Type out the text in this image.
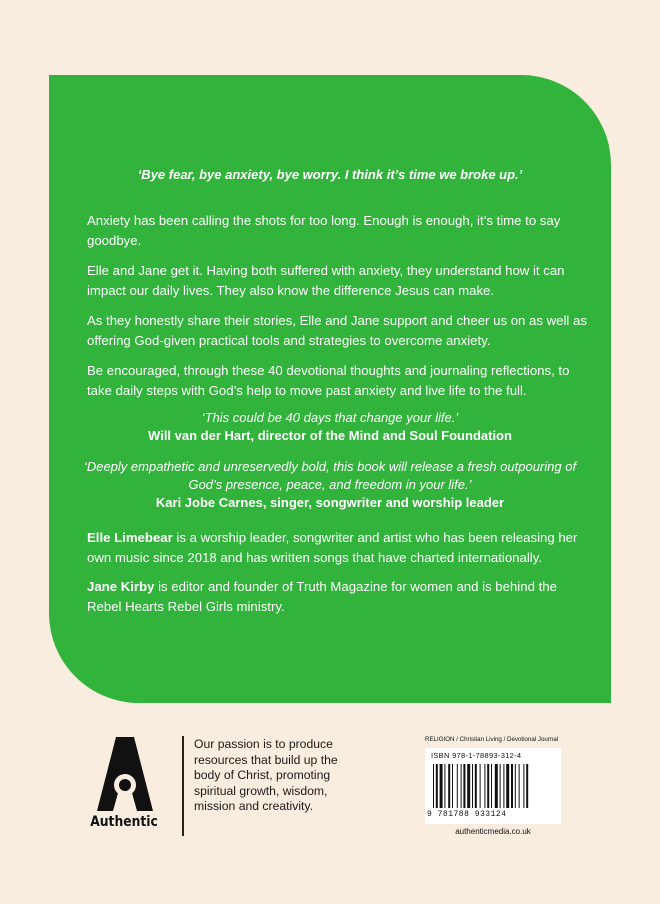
‘Bye fear, bye anxiety, bye worry. I think it’s time we broke up.’

Anxiety has been calling the shots for too long. Enough is enough, it’s time to say goodbye.

Elle and Jane get it. Having both suffered with anxiety, they understand how it can impact our daily lives. They also know the difference Jesus can make.

As they honestly share their stories, Elle and Jane support and cheer us on as well as offering God-given practical tools and strategies to overcome anxiety.

Be encouraged, through these 40 devotional thoughts and journaling reflections, to take daily steps with God’s help to move past anxiety and live life to the full.

‘This could be 40 days that change your life.’
Will van der Hart, director of the Mind and Soul Foundation
‘Deeply empathetic and unreservedly bold, this book will release a fresh outpouring of God’s presence, peace, and freedom in your life.’
Kari Jobe Carnes, singer, songwriter and worship leader

Elle Limebear is a worship leader, songwriter and artist who has been releasing her own music since 2018 and has written songs that have charted internationally.

Jane Kirby is editor and founder of Truth Magazine for women and is behind the Rebel Hearts Rebel Girls ministry.

Authentic
Our passion is to produce resources that build up the body of Christ, promoting spiritual growth, wisdom, mission and creativity.
RELIGION / Christian Living / Devotional Journal
ISBN 978-1-78893-312-4
9 781788 933124
authenticmedia.co.uk
